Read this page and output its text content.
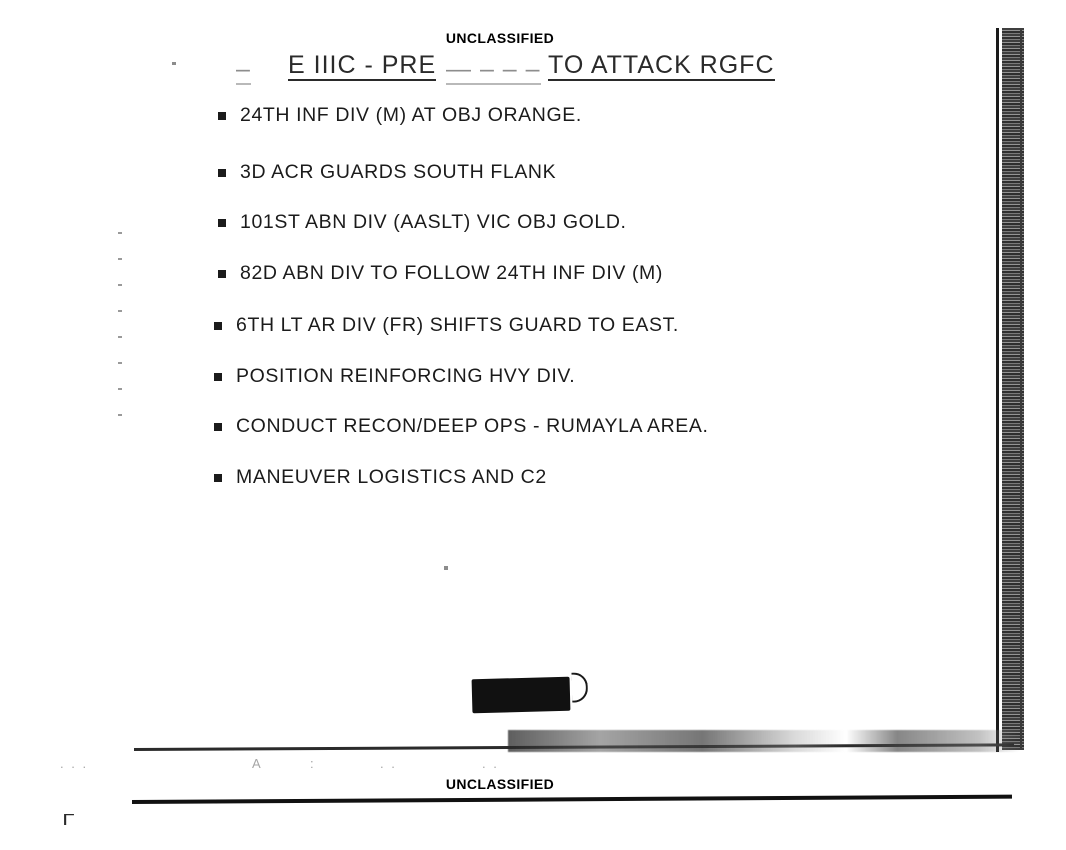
UNCLASSIFIED
– E IIIC - PRE — – – – TO ATTACK RGFC
24TH INF DIV (M) AT OBJ ORANGE.
3D ACR GUARDS SOUTH FLANK
101ST ABN DIV (AASLT) VIC OBJ GOLD.
82D ABN DIV TO FOLLOW 24TH INF DIV (M)
6TH LT AR DIV (FR) SHIFTS GUARD TO EAST.
POSITION REINFORCING HVY DIV.
CONDUCT RECON/DEEP OPS - RUMAYLA AREA.
MANEUVER LOGISTICS AND C2
. . .	A	:	. .	. .
UNCLASSIFIED
Γ
